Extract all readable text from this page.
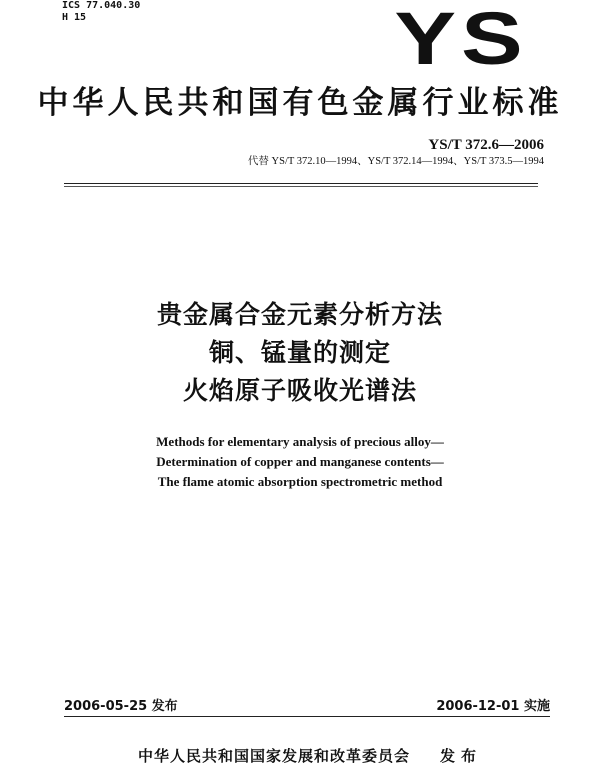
ICS 77.040.30
H 15	YS
中华人民共和国有色金属行业标准
YS/T 372.6—2006
代替 YS/T 372.10—1994、YS/T 372.14—1994、YS/T 373.5—1994
贵金属合金元素分析方法
铜、锰量的测定
火焰原子吸收光谱法
Methods for elementary analysis of precious alloy—
Determination of copper and manganese contents—
The flame atomic absorption spectrometric method
2006-05-25 发布	2006-12-01 实施
中华人民共和国国家发展和改革委员会 发布
